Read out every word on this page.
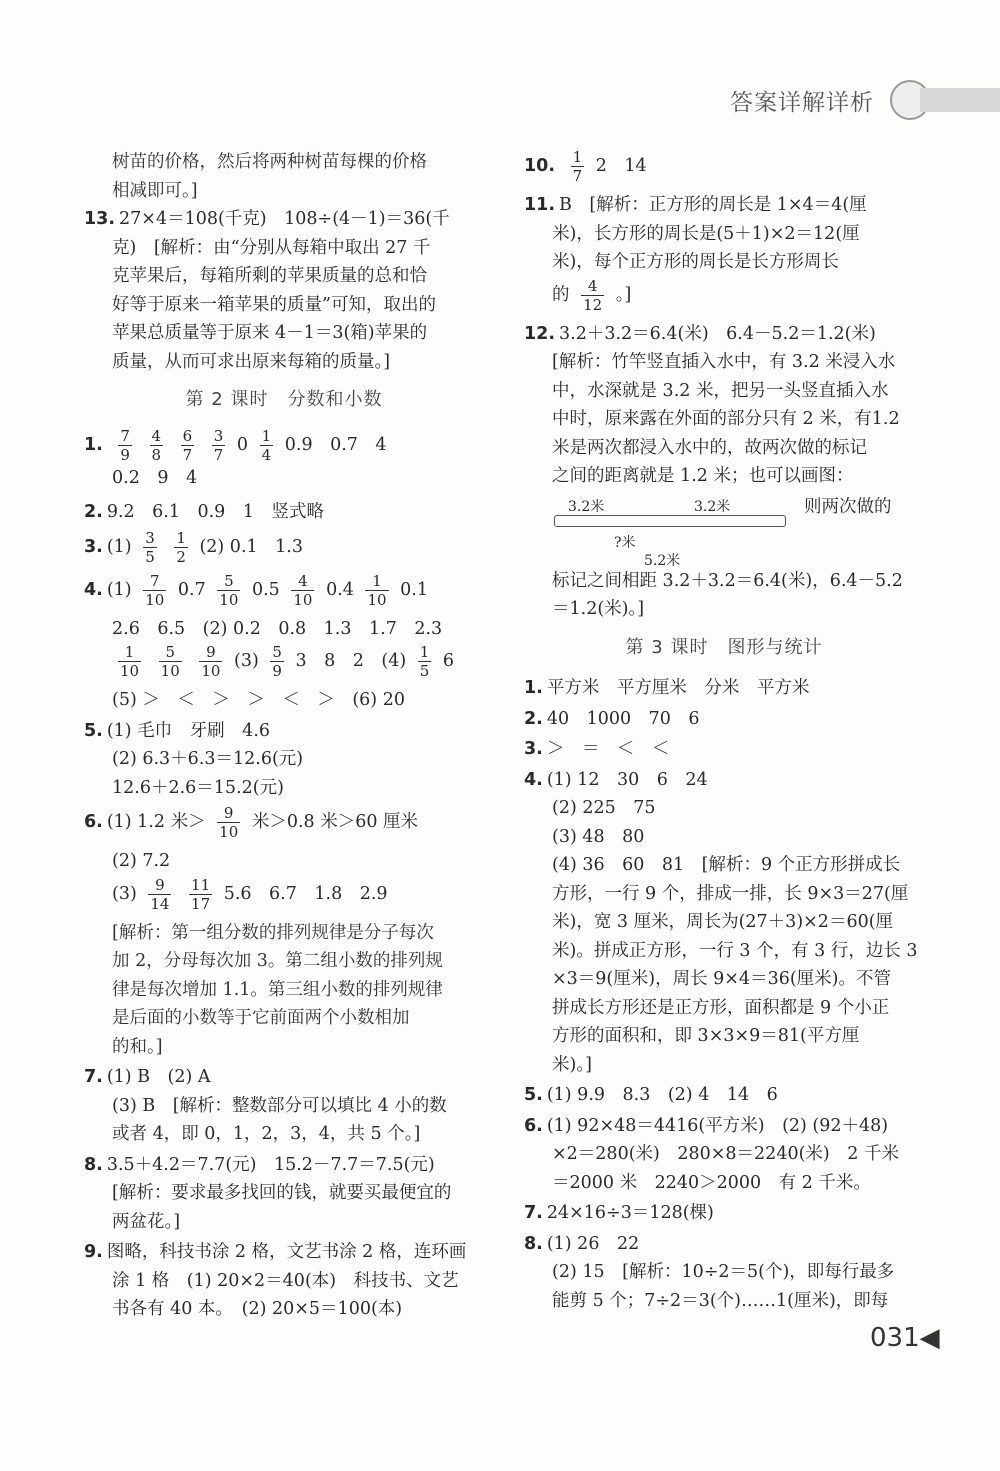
答案详解详析
树苗的价格，然后将两种树苗每棵的价格
相减即可。]
13. 27×4＝108(千克)　108÷(4－1)＝36(千
克)　[解析：由“分别从每箱中取出 27 千
克苹果后，每箱所剩的苹果质量的总和恰
好等于原来一箱苹果的质量”可知，取出的
苹果总质量等于原来 4－1＝3(箱)苹果的
质量，从而可求出原来每箱的质量。]
第 2 课时　分数和小数
1. $\frac{7}{9}$
$\frac{4}{8}$
$\frac{6}{7}$
$\frac{3}{7} 0 \frac{1}{4} 0.9$　0.7　4
0.2　9　4
2. 9.2　6.1　0.9　1　竖式略
3. $(1) \frac{3}{5}$
$\frac{1}{2} (2)$ 0.1　1.3
4. $(1) \frac{7}{10} 0.7 \frac{5}{10} 0.5 \frac{4}{10} 0.4 \frac{1}{10} 0.1$
2.6　6.5　(2) 0.2　0.8　1.3　1.7　2.3
$\frac{1}{10}$
$\frac{5}{10}$
$\frac{9}{10} (3) \frac{5}{9} 3$　8　2　$(4) \frac{1}{5} 6$
(5) ＞　＜　＞　＞　＜　＞　(6) 20
5. (1) 毛巾　牙刷　4.6
(2) 6.3＋6.3＝12.6(元)
12.6＋2.6＝15.2(元)
6. (1) 1.2 米＞ $\frac{9}{10}$ 米＞0.8 米＞60 厘米
(2) 7.2
$(3) \frac{9}{14}$
$\frac{11}{17} 5.6$　6.7　1.8　2.9
[解析：第一组分数的排列规律是分子每次
加 2，分母每次加 3。第二组小数的排列规
律是每次增加 1.1。第三组小数的排列规律
是后面的小数等于它前面两个小数相加
的和。]
7. (1) B　(2) A
(3) B　[解析：整数部分可以填比 4 小的数
或者 4，即 0，1，2，3，4，共 5 个。]
8. 3.5＋4.2＝7.7(元)　15.2－7.7＝7.5(元)
[解析：要求最多找回的钱，就要买最便宜的
两盆花。]
9. 图略，科技书涂 2 格，文艺书涂 2 格，连环画
涂 1 格　(1) 20×2＝40(本)　科技书、文艺
书各有 40 本。　(2) 20×5＝100(本)
10. $\frac{1}{7} 2$　14
11. B　[解析：正方形的周长是 1×4＝4(厘
米)，长方形的周长是(5＋1)×2＝12(厘
米)，每个正方形的周长是长方形周长
的 $\frac{4}{12}$ 。]
12. 3.2＋3.2＝6.4(米)　6.4－5.2＝1.2(米)
[解析：竹竿竖直插入水中，有 3.2 米浸入水
中，水深就是 3.2 米，把另一头竖直插入水
中时，原来露在外面的部分只有 2 米，有1.2
米是两次都浸入水中的，故两次做的标记
之间的距离就是 1.2 米；也可以画图：
3.2米	3.2米
?米
5.2米
则两次做的
标记之间相距 3.2＋3.2＝6.4(米)，6.4－5.2
＝1.2(米)。]
第 3 课时　图形与统计
1. 平方米　平方厘米　分米　平方米
2. 40　1000　70　6
3. ＞　＝　＜　＜
4. (1) 12　30　6　24
(2) 225　75
(3) 48　80
(4) 36　60　81　[解析：9 个正方形拼成长
方形，一行 9 个，排成一排，长 9×3＝27(厘
米)，宽 3 厘米，周长为(27＋3)×2＝60(厘
米)。拼成正方形，一行 3 个，有 3 行，边长 3
×3＝9(厘米)，周长 9×4＝36(厘米)。不管
拼成长方形还是正方形，面积都是 9 个小正
方形的面积和，即 3×3×9＝81(平方厘
米)。]
5. (1) 9.9　8.3　(2) 4　14　6
6. (1) 92×48＝4416(平方米)　(2) (92＋48)
×2＝280(米)　280×8＝2240(米)　2 千米
＝2000 米　2240＞2000　有 2 千米。
7. 24×16÷3＝128(棵)
8. (1) 26　22
(2) 15　[解析：10÷2＝5(个)，即每行最多
能剪 5 个；7÷2＝3(个)……1(厘米)，即每
031◀
